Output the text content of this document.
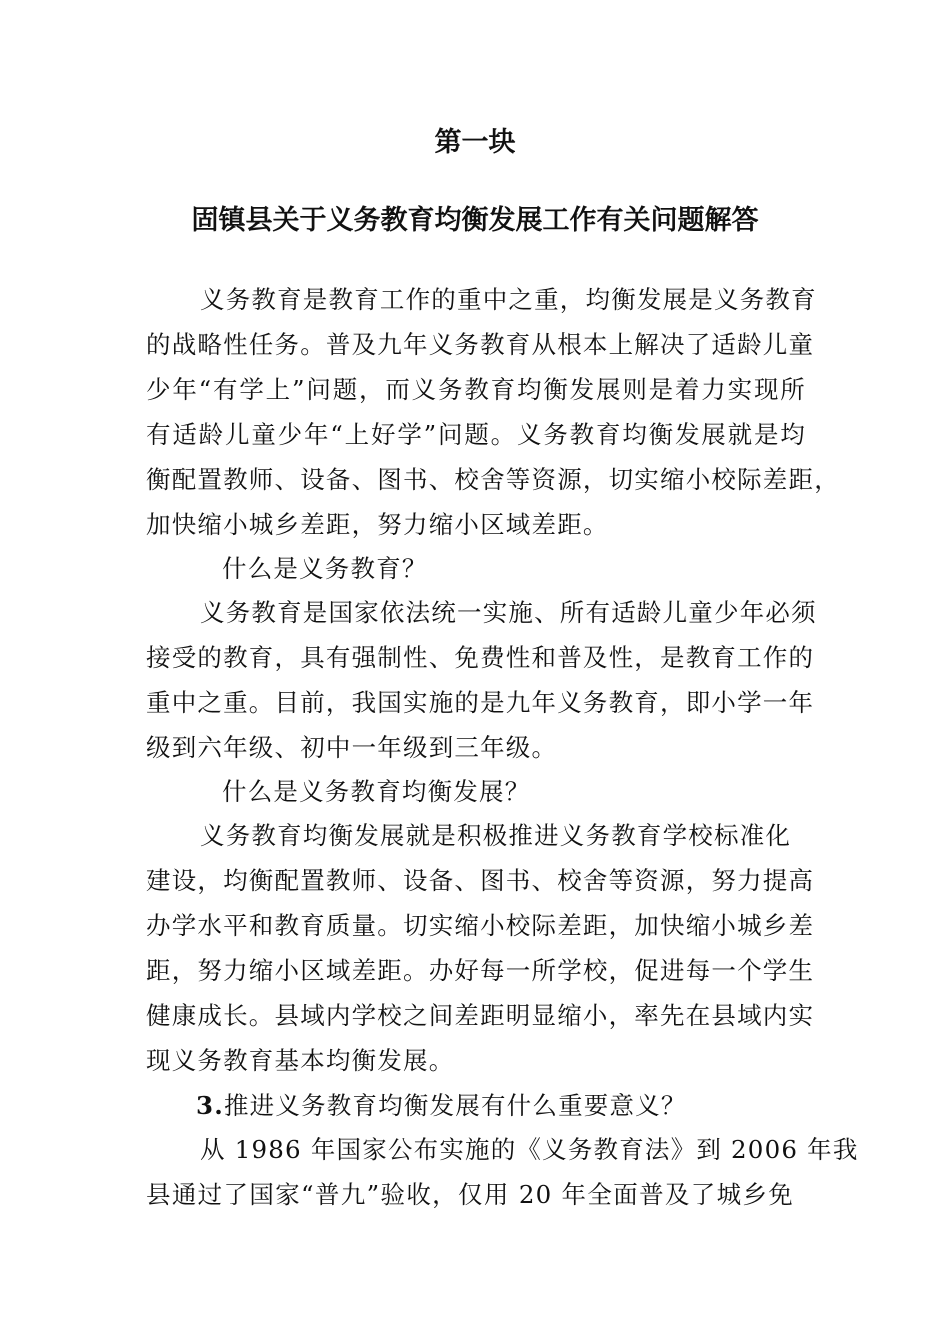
第一块
固镇县关于义务教育均衡发展工作有关问题解答
义务教育是教育工作的重中之重，均衡发展是义务教育
的战略性任务。普及九年义务教育从根本上解决了适龄儿童
少年“有学上”问题，而义务教育均衡发展则是着力实现所
有适龄儿童少年“上好学”问题。义务教育均衡发展就是均
衡配置教师、设备、图书、校舍等资源，切实缩小校际差距，
加快缩小城乡差距，努力缩小区域差距。
什么是义务教育？
义务教育是国家依法统一实施、所有适龄儿童少年必须
接受的教育，具有强制性、免费性和普及性，是教育工作的
重中之重。目前，我国实施的是九年义务教育，即小学一年
级到六年级、初中一年级到三年级。
什么是义务教育均衡发展？
义务教育均衡发展就是积极推进义务教育学校标准化
建设，均衡配置教师、设备、图书、校舍等资源，努力提高
办学水平和教育质量。切实缩小校际差距，加快缩小城乡差
距，努力缩小区域差距。办好每一所学校，促进每一个学生
健康成长。县域内学校之间差距明显缩小，率先在县域内实
现义务教育基本均衡发展。
3.推进义务教育均衡发展有什么重要意义？
从 1986 年国家公布实施的《义务教育法》到 2006 年我
县通过了国家“普九”验收，仅用 20 年全面普及了城乡免
